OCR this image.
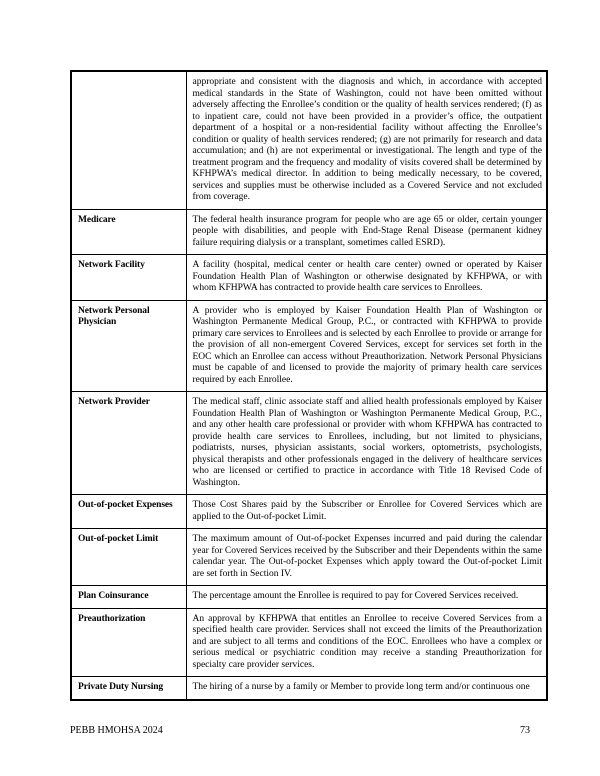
	appropriate and consistent with the diagnosis and which, in accordance with accepted medical standards in the State of Washington, could not have been omitted without adversely affecting the Enrollee’s condition or the quality of health services rendered; (f) as to inpatient care, could not have been provided in a provider’s office, the outpatient department of a hospital or a non-residential facility without affecting the Enrollee’s condition or quality of health services rendered; (g) are not primarily for research and data accumulation; and (h) are not experimental or investigational. The length and type of the treatment program and the frequency and modality of visits covered shall be determined by KFHPWA’s medical director. In addition to being medically necessary, to be covered, services and supplies must be otherwise included as a Covered Service and not excluded from coverage.
Medicare	The federal health insurance program for people who are age 65 or older, certain younger people with disabilities, and people with End-Stage Renal Disease (permanent kidney failure requiring dialysis or a transplant, sometimes called ESRD).
Network Facility	A facility (hospital, medical center or health care center) owned or operated by Kaiser Foundation Health Plan of Washington or otherwise designated by KFHPWA, or with whom KFHPWA has contracted to provide health care services to Enrollees.
Network Personal Physician	A provider who is employed by Kaiser Foundation Health Plan of Washington or Washington Permanente Medical Group, P.C., or contracted with KFHPWA to provide primary care services to Enrollees and is selected by each Enrollee to provide or arrange for the provision of all non-emergent Covered Services, except for services set forth in the EOC which an Enrollee can access without Preauthorization. Network Personal Physicians must be capable of and licensed to provide the majority of primary health care services required by each Enrollee.
Network Provider	The medical staff, clinic associate staff and allied health professionals employed by Kaiser Foundation Health Plan of Washington or Washington Permanente Medical Group, P.C., and any other health care professional or provider with whom KFHPWA has contracted to provide health care services to Enrollees, including, but not limited to physicians, podiatrists, nurses, physician assistants, social workers, optometrists, psychologists, physical therapists and other professionals engaged in the delivery of healthcare services who are licensed or certified to practice in accordance with Title 18 Revised Code of Washington.
Out-of-pocket Expenses	Those Cost Shares paid by the Subscriber or Enrollee for Covered Services which are applied to the Out-of-pocket Limit.
Out-of-pocket Limit	The maximum amount of Out-of-pocket Expenses incurred and paid during the calendar year for Covered Services received by the Subscriber and their Dependents within the same calendar year. The Out-of-pocket Expenses which apply toward the Out-of-pocket Limit are set forth in Section IV.
Plan Coinsurance	The percentage amount the Enrollee is required to pay for Covered Services received.
Preauthorization	An approval by KFHPWA that entitles an Enrollee to receive Covered Services from a specified health care provider. Services shall not exceed the limits of the Preauthorization and are subject to all terms and conditions of the EOC. Enrollees who have a complex or serious medical or psychiatric condition may receive a standing Preauthorization for specialty care provider services.
Private Duty Nursing	The hiring of a nurse by a family or Member to provide long term and/or continuous one
PEBB HMOHSA 2024	73
